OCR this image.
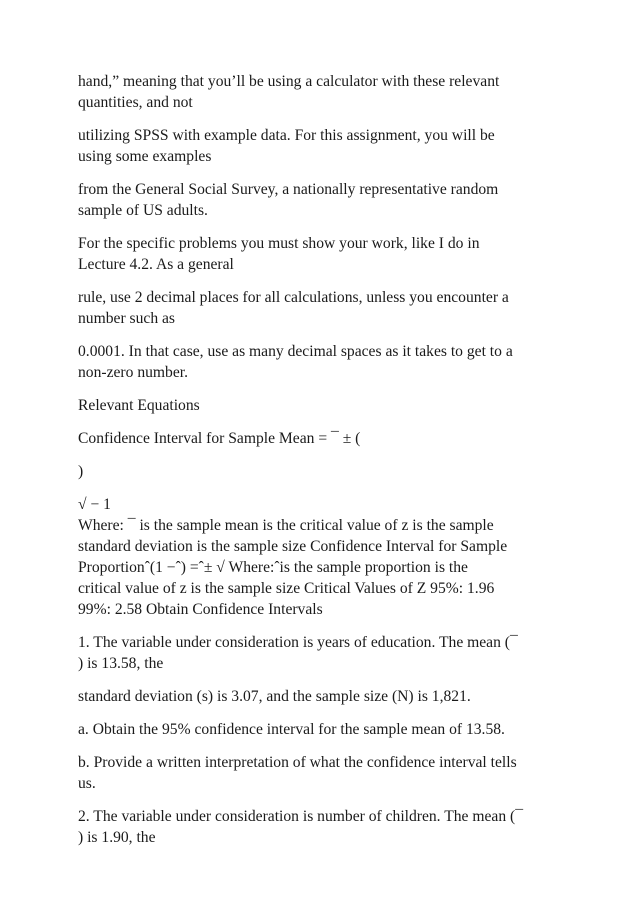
hand,” meaning that you’ll be using a calculator with these relevant
quantities, and not

utilizing SPSS with example data. For this assignment, you will be
using some examples

from the General Social Survey, a nationally representative random
sample of US adults.

For the specific problems you must show your work, like I do in
Lecture 4.2. As a general

rule, use 2 decimal places for all calculations, unless you encounter a
number such as

0.0001. In that case, use as many decimal spaces as it takes to get to a
non-zero number.

Relevant Equations

Confidence Interval for Sample Mean = ¯ ± (

)

√ − 1
Where: ¯ is the sample mean is the critical value of z is the sample
standard deviation is the sample size Confidence Interval for Sample
Proportionˆ(1 −ˆ) =ˆ± √ Where:ˆis the sample proportion is the
critical value of z is the sample size Critical Values of Z 95%: 1.96
99%: 2.58 Obtain Confidence Intervals

1. The variable under consideration is years of education. The mean (¯
) is 13.58, the

standard deviation (s) is 3.07, and the sample size (N) is 1,821.

a. Obtain the 95% confidence interval for the sample mean of 13.58.

b. Provide a written interpretation of what the confidence interval tells
us.

2. The variable under consideration is number of children. The mean (¯
) is 1.90, the
